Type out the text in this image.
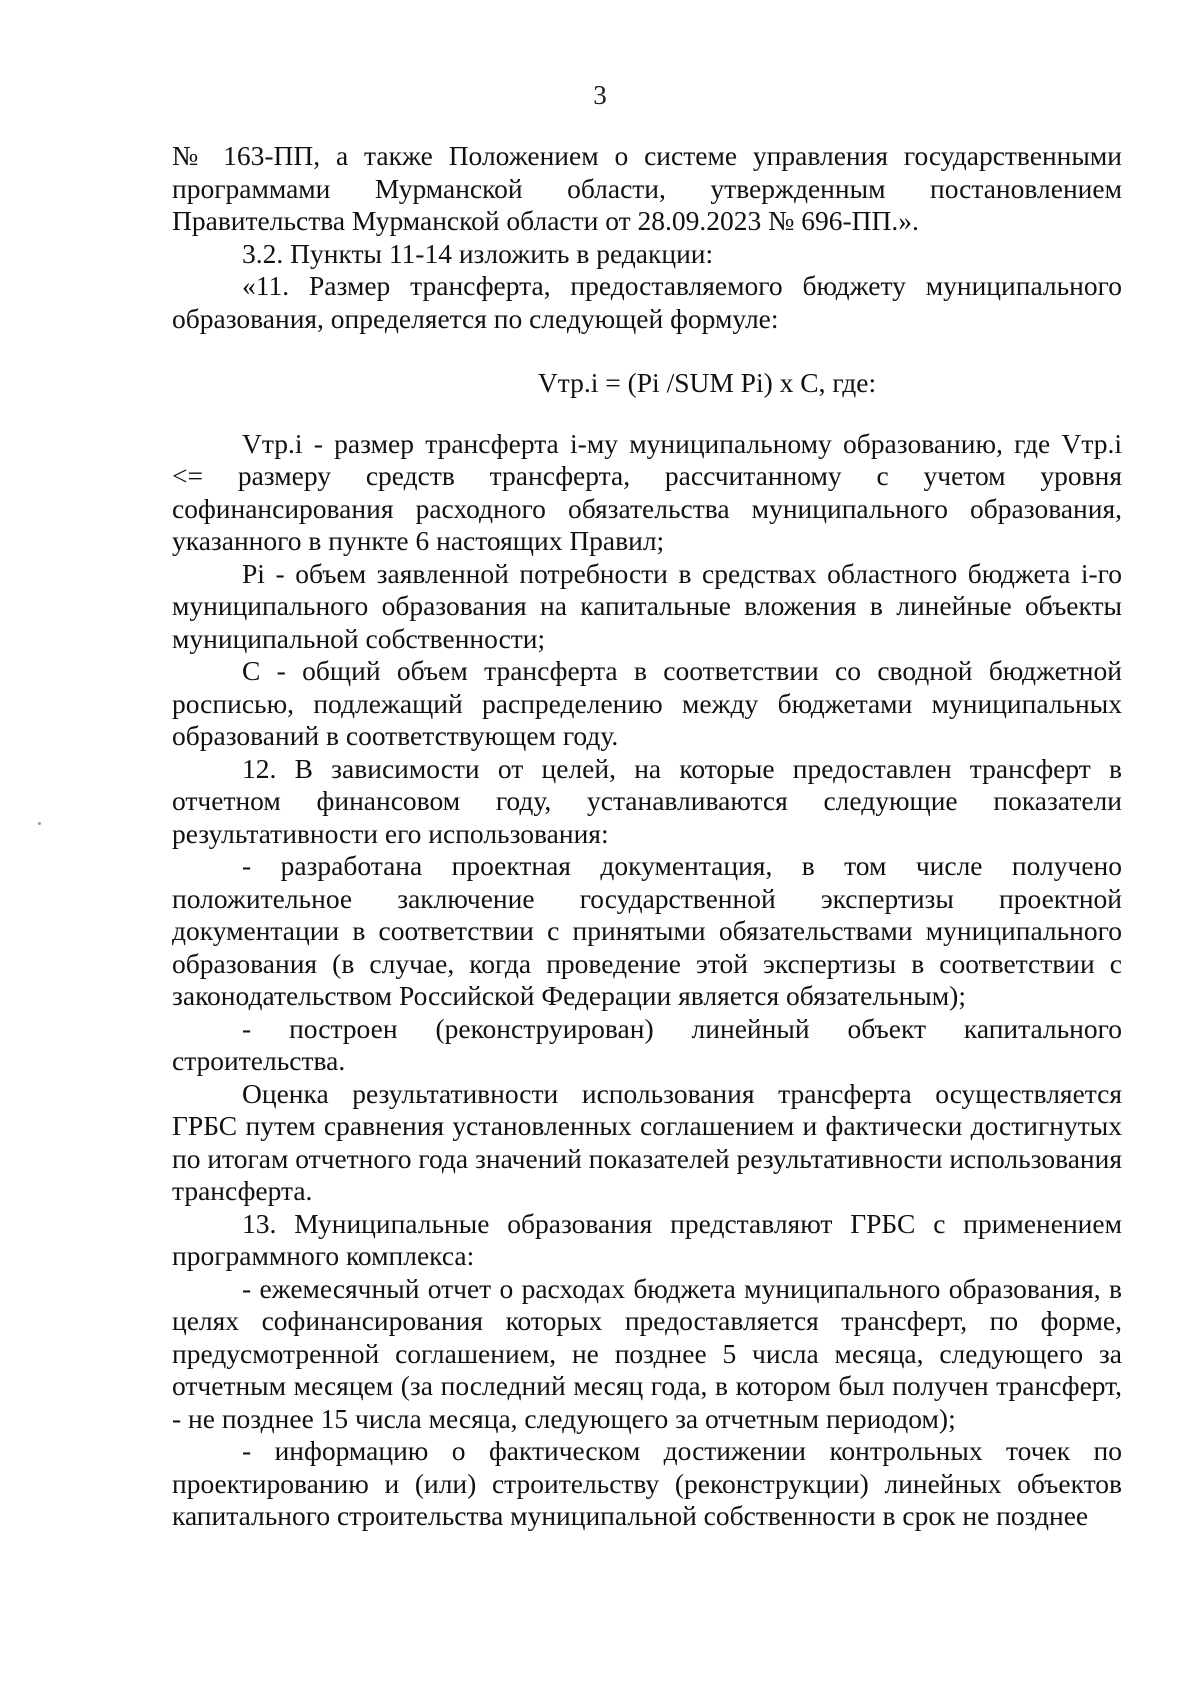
3

№ 163-ПП, а также Положением о системе управления государственными программами Мурманской области, утвержденным постановлением Правительства Мурманской области от 28.09.2023 № 696-ПП.».

3.2. Пункты 11-14 изложить в редакции:

«11. Размер трансферта, предоставляемого бюджету муниципального образования, определяется по следующей формуле:

Vтр.i = (Pi /SUM Pi) x C, где:

Vтр.i - размер трансферта i-му муниципальному образованию, где Vтр.i <= размеру средств трансферта, рассчитанному с учетом уровня софинансирования расходного обязательства муниципального образования, указанного в пункте 6 настоящих Правил;

Pi - объем заявленной потребности в средствах областного бюджета i-го муниципального образования на капитальные вложения в линейные объекты муниципальной собственности;

C - общий объем трансферта в соответствии со сводной бюджетной росписью, подлежащий распределению между бюджетами муниципальных образований в соответствующем году.

12. В зависимости от целей, на которые предоставлен трансферт в отчетном финансовом году, устанавливаются следующие показатели результативности его использования:

- разработана проектная документация, в том числе получено положительное заключение государственной экспертизы проектной документации в соответствии с принятыми обязательствами муниципального образования (в случае, когда проведение этой экспертизы в соответствии с законодательством Российской Федерации является обязательным);

- построен (реконструирован) линейный объект капитального строительства.

Оценка результативности использования трансферта осуществляется ГРБС путем сравнения установленных соглашением и фактически достигнутых по итогам отчетного года значений показателей результативности использования трансферта.

13. Муниципальные образования представляют ГРБС с применением программного комплекса:

- ежемесячный отчет о расходах бюджета муниципального образования, в целях софинансирования которых предоставляется трансферт, по форме, предусмотренной соглашением, не позднее 5 числа месяца, следующего за отчетным месяцем (за последний месяц года, в котором был получен трансферт, - не позднее 15 числа месяца, следующего за отчетным периодом);

- информацию о фактическом достижении контрольных точек по проектированию и (или) строительству (реконструкции) линейных объектов капитального строительства муниципальной собственности в срок не позднее
